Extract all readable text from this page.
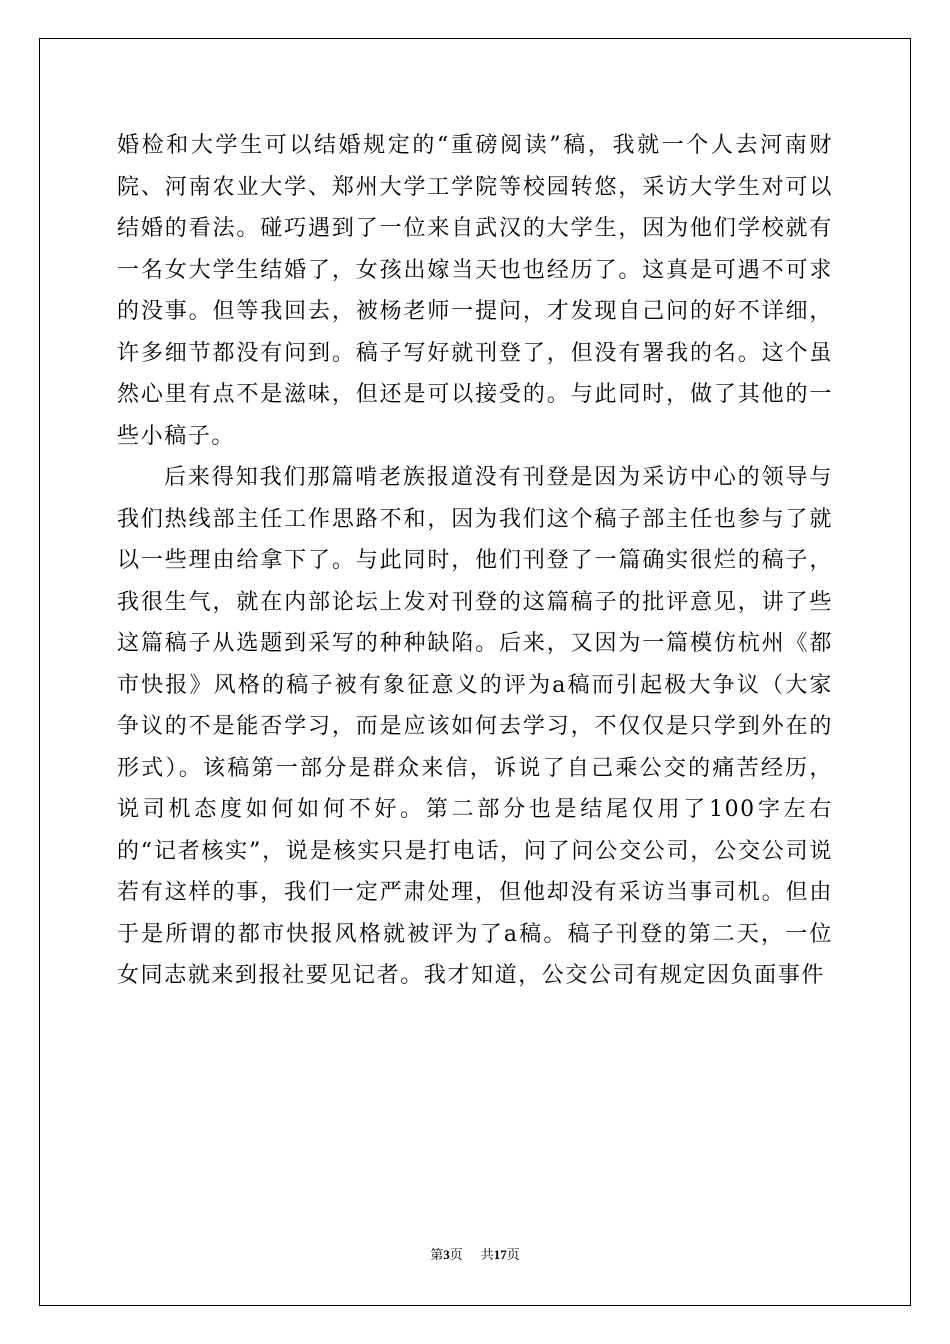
婚检和大学生可以结婚规定的“重磅阅读”稿，我就一个人去河南财院、河南农业大学、郑州大学工学院等校园转悠，采访大学生对可以结婚的看法。碰巧遇到了一位来自武汉的大学生，因为他们学校就有一名女大学生结婚了，女孩出嫁当天也也经历了。这真是可遇不可求的没事。但等我回去，被杨老师一提问，才发现自己问的好不详细，许多细节都没有问到。稿子写好就刊登了，但没有署我的名。这个虽然心里有点不是滋味，但还是可以接受的。与此同时，做了其他的一些小稿子。

后来得知我们那篇啃老族报道没有刊登是因为采访中心的领导与我们热线部主任工作思路不和，因为我们这个稿子部主任也参与了就以一些理由给拿下了。与此同时，他们刊登了一篇确实很烂的稿子，我很生气，就在内部论坛上发对刊登的这篇稿子的批评意见，讲了些这篇稿子从选题到采写的种种缺陷。后来，又因为一篇模仿杭州《都市快报》风格的稿子被有象征意义的评为a稿而引起极大争议（大家争议的不是能否学习，而是应该如何去学习，不仅仅是只学到外在的形式）。该稿第一部分是群众来信，诉说了自己乘公交的痛苦经历，说司机态度如何如何不好。第二部分也是结尾仅用了100字左右的“记者核实”，说是核实只是打电话，问了问公交公司，公交公司说若有这样的事，我们一定严肃处理，但他却没有采访当事司机。但由于是所谓的都市快报风格就被评为了a稿。稿子刊登的第二天，一位女同志就来到报社要见记者。我才知道，公交公司有规定因负面事件

第3页 共17页
